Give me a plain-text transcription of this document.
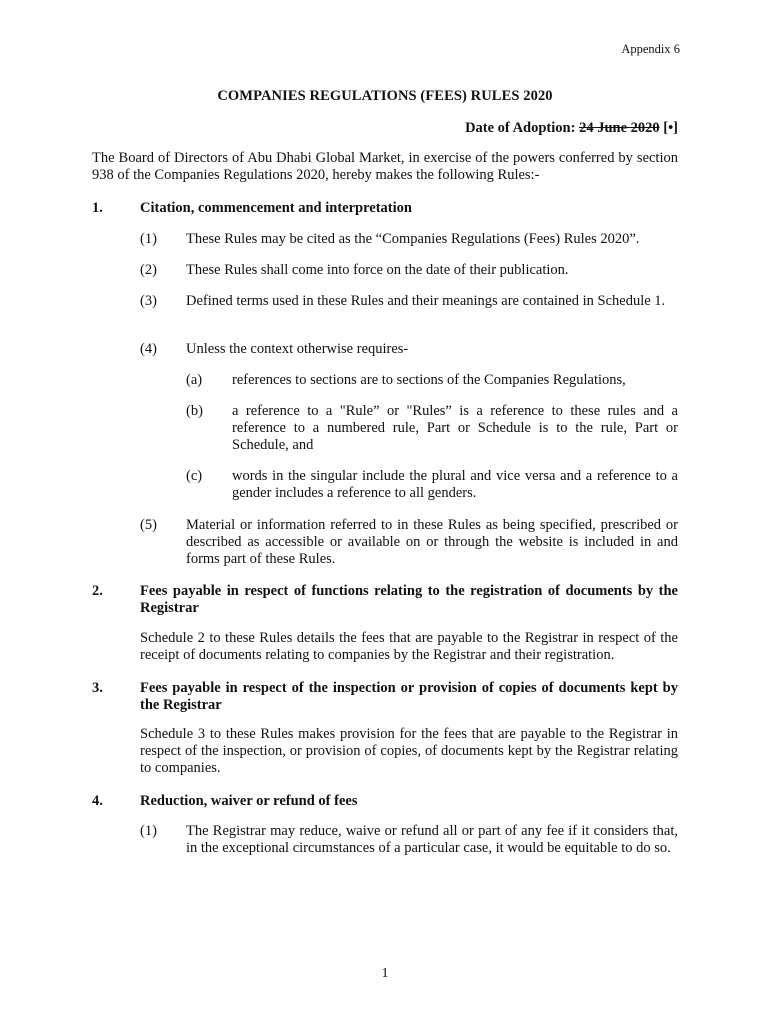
Appendix 6
COMPANIES REGULATIONS (FEES) RULES 2020
Date of Adoption: 24 June 2020 [•]
The Board of Directors of Abu Dhabi Global Market, in exercise of the powers conferred by section 938 of the Companies Regulations 2020, hereby makes the following Rules:-
1.	Citation, commencement and interpretation
(1) These Rules may be cited as the “Companies Regulations (Fees) Rules 2020”.
(2) These Rules shall come into force on the date of their publication.
(3) Defined terms used in these Rules and their meanings are contained in Schedule 1.
(4) Unless the context otherwise requires-
(a) references to sections are to sections of the Companies Regulations,
(b) a reference to a "Rule” or "Rules” is a reference to these rules and a reference to a numbered rule, Part or Schedule is to the rule, Part or Schedule, and
(c) words in the singular include the plural and vice versa and a reference to a gender includes a reference to all genders.
(5) Material or information referred to in these Rules as being specified, prescribed or described as accessible or available on or through the website is included in and forms part of these Rules.
2.	Fees payable in respect of functions relating to the registration of documents by the Registrar
Schedule 2 to these Rules details the fees that are payable to the Registrar in respect of the receipt of documents relating to companies by the Registrar and their registration.
3.	Fees payable in respect of the inspection or provision of copies of documents kept by the Registrar
Schedule 3 to these Rules makes provision for the fees that are payable to the Registrar in respect of the inspection, or provision of copies, of documents kept by the Registrar relating to companies.
4.	Reduction, waiver or refund of fees
(1) The Registrar may reduce, waive or refund all or part of any fee if it considers that, in the exceptional circumstances of a particular case, it would be equitable to do so.
1
